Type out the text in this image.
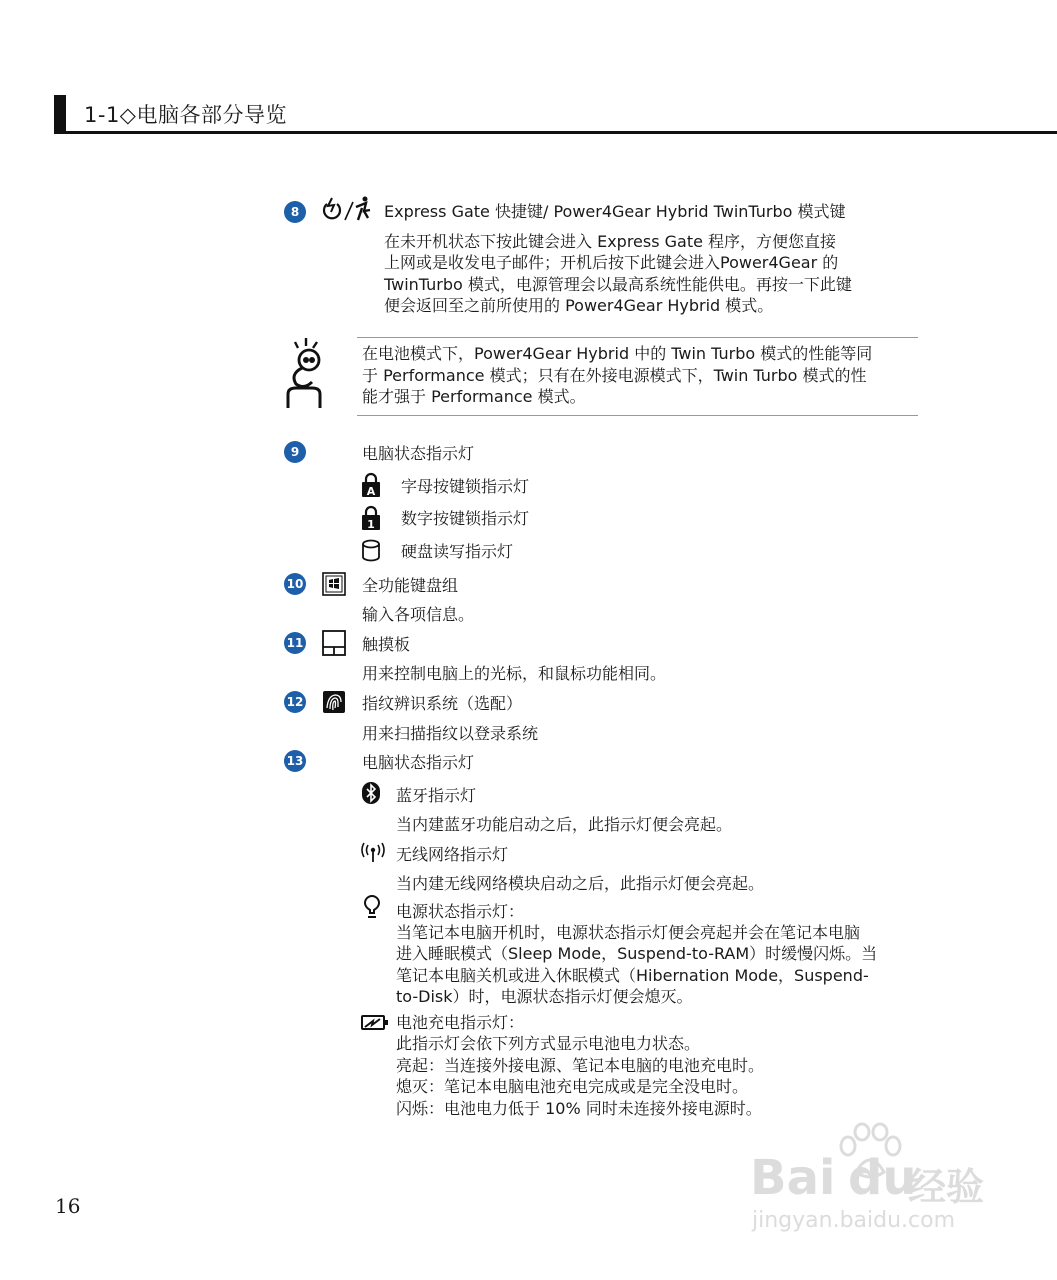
1-1◇电脑各部分导览
8	Express Gate 快捷键/ Power4Gear Hybrid TwinTurbo 模式键
在未开机状态下按此键会进入 Express Gate 程序，方便您直接
上网或是收发电子邮件；开机后按下此键会进入Power4Gear 的
TwinTurbo 模式，电源管理会以最高系统性能供电。再按一下此键
便会返回至之前所使用的 Power4Gear Hybrid 模式。
在电池模式下，Power4Gear Hybrid 中的 Twin Turbo 模式的性能等同
于 Performance 模式；只有在外接电源模式下，Twin Turbo 模式的性
能才强于 Performance 模式。
9	电脑状态指示灯
A 字母按键锁指示灯
1 数字按键锁指示灯
硬盘读写指示灯
10	全功能键盘组
输入各项信息。
11	触摸板
用来控制电脑上的光标，和鼠标功能相同。
12	指纹辨识系统（选配）
用来扫描指纹以登录系统
13	电脑状态指示灯
蓝牙指示灯
当内建蓝牙功能启动之后，此指示灯便会亮起。
无线网络指示灯
当内建无线网络模块启动之后，此指示灯便会亮起。
电源状态指示灯：
当笔记本电脑开机时，电源状态指示灯便会亮起并会在笔记本电脑
进入睡眠模式（Sleep Mode，Suspend-to-RAM）时缓慢闪烁。当
笔记本电脑关机或进入休眠模式（Hibernation Mode，Suspend-
to-Disk）时，电源状态指示灯便会熄灭。
电池充电指示灯：
此指示灯会依下列方式显示电池电力状态。
亮起：当连接外接电源、笔记本电脑的电池充电时。
熄灭：笔记本电脑电池充电完成或是完全没电时。
闪烁：电池电力低于 10% 同时未连接外接电源时。
16	Bai du
经验
jingyan.baidu.com
